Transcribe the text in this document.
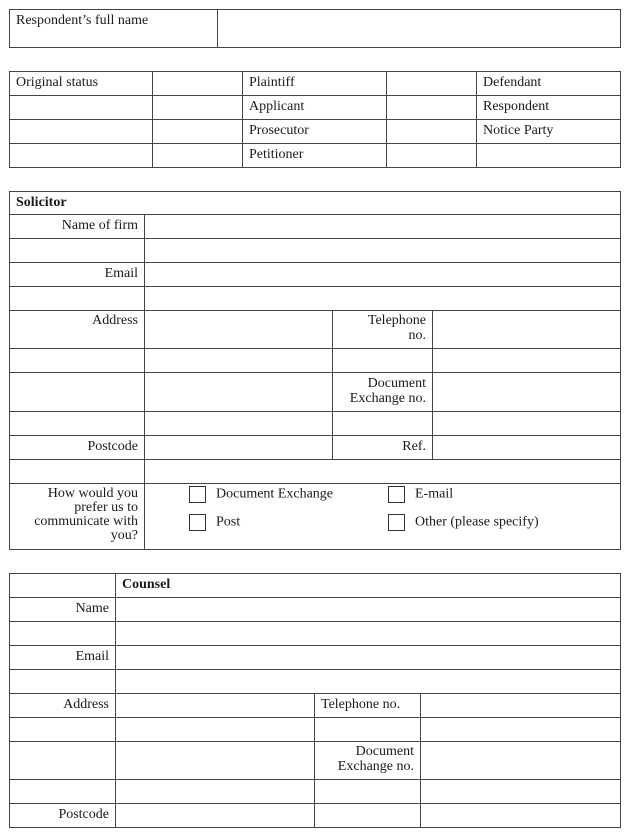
Respondent’s full name	
Original status		Plaintiff		Defendant
		Applicant		Respondent
		Prosecutor		Notice Party
		Petitioner		
Solicitor			
Name of firm			

Email			

Address		Telephone no.	

		Document Exchange no.	

Postcode		Ref.	

How would you prefer us to communicate with you?	Document Exchange
Post
E-mail
Other (please specify)		
	Counsel		
Name			

Email			

Address		Telephone no.	

		Document Exchange no.	

Postcode			
